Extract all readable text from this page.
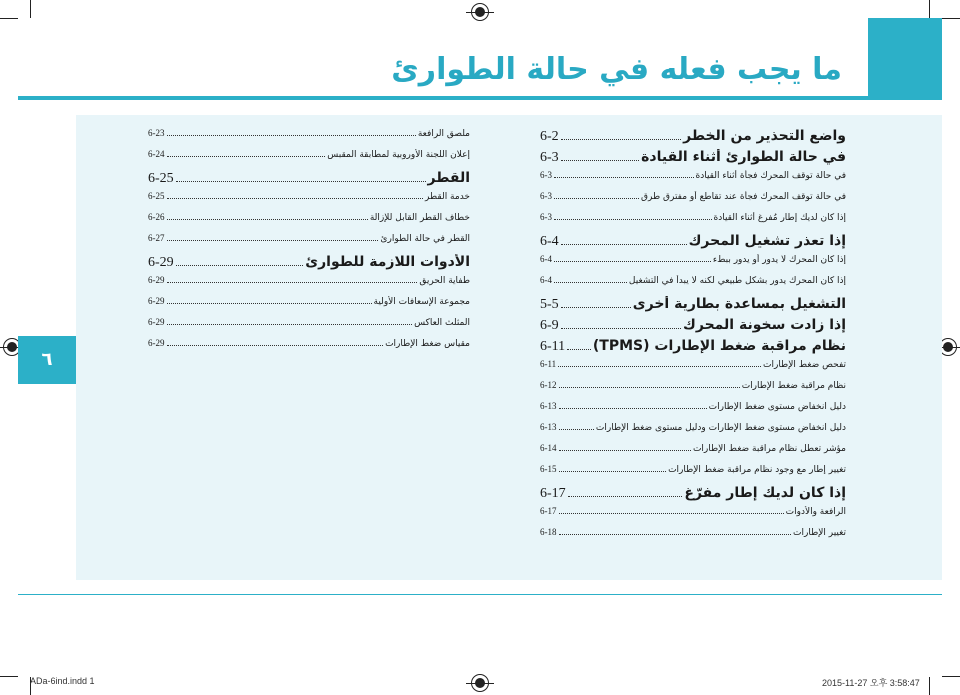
ما يجب فعله في حالة الطوارئ
٦
واضع التحذير من الخطر
6-2
في حالة الطوارئ أثناء القيادة
6-3
في حالة توقف المحرك فجأة أثناء القيادة
6-3
في حالة توقف المحرك فجأة عند تقاطع أو مفترق طرق
6-3
إذا كان لديك إطار مُفرغ أثناء القيادة
6-3
إذا تعذر تشغيل المحرك
6-4
إذا كان المحرك لا يدور أو يدور ببطء
6-4
إذا كان المحرك يدور بشكل طبيعي لكنه لا يبدأ في التشغيل
6-4
التشغيل بمساعدة بطارية أخرى
5-5
إذا زادت سخونة المحرك
6-9
نظام مراقبة ضغط الإطارات (TPMS)
6-11
تفحص ضغط الإطارات
6-11
نظام مراقبة ضغط الإطارات
6-12
دليل انخفاض مستوى ضغط الإطارات
6-13
دليل انخفاض مستوى ضغط الإطارات ودليل مستوى ضغط الإطارات
6-13
مؤشر تعطل نظام مراقبة ضغط الإطارات
6-14
تغيير إطار مع وجود نظام مراقبة ضغط الإطارات
6-15
إذا كان لديك إطار مفرّغ
6-17
الرافعة والأدوات
6-17
تغيير الإطارات
6-18
ملصق الرافعة
6-23
إعلان اللجنة الأوروبية لمطابقة المقبس
6-24
القطر
6-25
خدمة القطر
6-25
خطاف القطر القابل للإزالة
6-26
القطر في حالة الطوارئ
6-27
الأدوات اللازمة للطوارئ
6-29
طفاية الحريق
6-29
مجموعة الإسعافات الأولية
6-29
المثلث العاكس
6-29
مقياس ضغط الإطارات
6-29
ADa-6ind.indd 1	2015-11-27 오후 3:58:47
